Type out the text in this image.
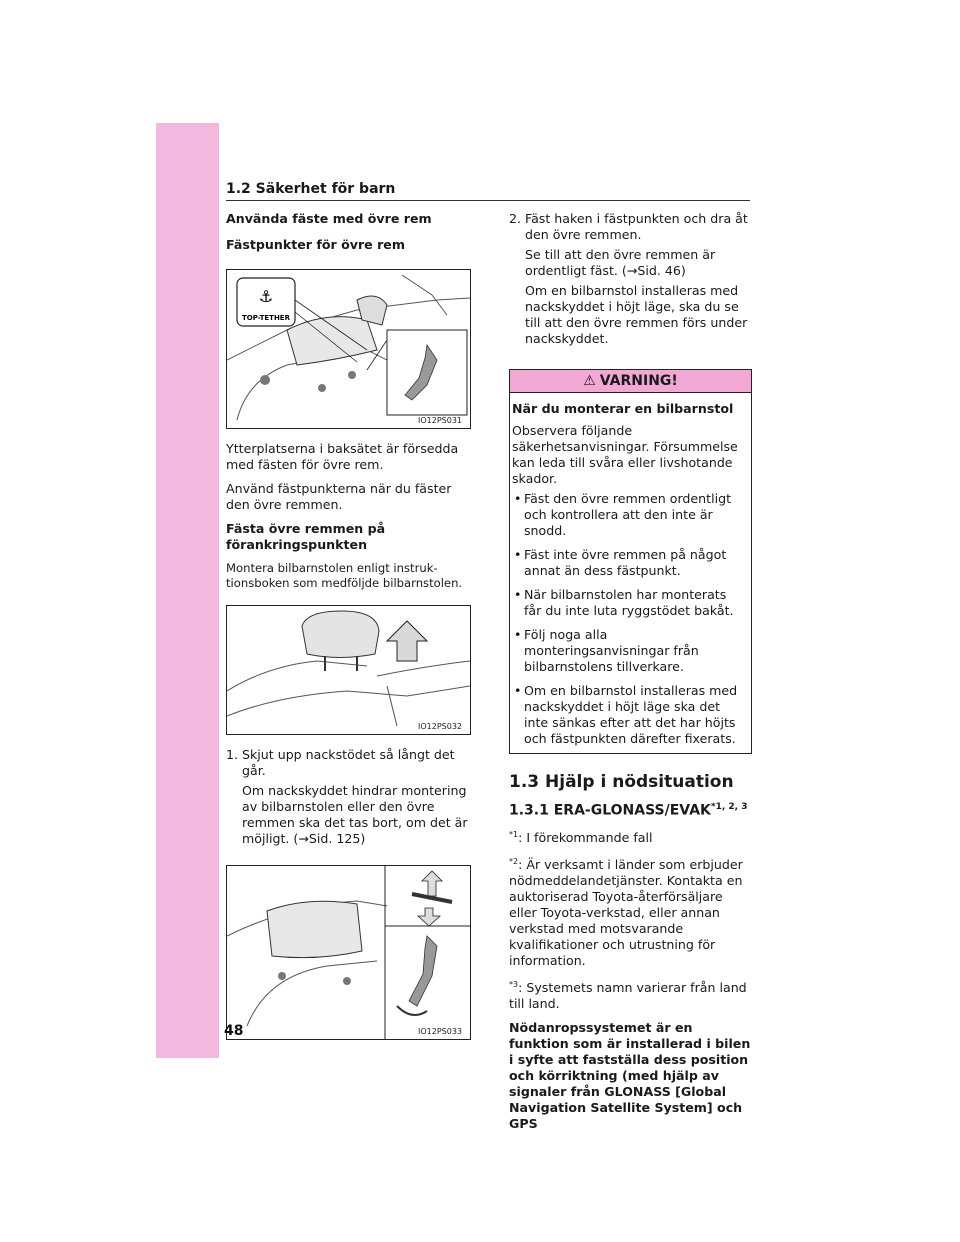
1.2 Säkerhet för barn
Använda fäste med övre rem
Fästpunkter för övre rem
⚓
TOP-TETHER
IO12PS031
Ytterplatserna i baksätet är försedda med fästen för övre rem.
Använd fästpunkterna när du fäster den övre remmen.
Fästa övre remmen på förankringspunkten
Montera bilbarnstolen enligt instruk-tionsboken som medföljde bilbarnstolen.
IO12PS032
1. Skjut upp nackstödet så långt det går.

Om nackskyddet hindrar montering av bilbarnstolen eller den övre remmen ska det tas bort, om det är möjligt. (→Sid. 125)

IO12PS033
2. Fäst haken i fästpunkten och dra åt den övre remmen.

Se till att den övre remmen är ordentligt fäst. (→Sid. 46)

Om en bilbarnstol installeras med nackskyddet i höjt läge, ska du se till att den övre remmen förs under nackskyddet.

⚠ VARNING!
När du monterar en bilbarnstol
Observera följande säkerhetsanvisningar. Försummelse kan leda till svåra eller livshotande skador.
• Fäst den övre remmen ordentligt och kontrollera att den inte är snodd.
• Fäst inte övre remmen på något annat än dess fästpunkt.
• När bilbarnstolen har monterats får du inte luta ryggstödet bakåt.
• Följ noga alla monteringsanvisningar från bilbarnstolens tillverkare.
• Om en bilbarnstol installeras med nackskyddet i höjt läge ska det inte sänkas efter att det har höjts och fästpunkten därefter fixerats.
1.3 Hjälp i nödsituation
1.3.1 ERA-GLONASS/EVAK$^{*1, 2, 3}$
$^{*1}$: I förekommande fall
$^{*2}$: Är verksamt i länder som erbjuder nödmeddelandetjänster. Kontakta en auktoriserad Toyota-återförsäljare eller Toyota-verkstad, eller annan verkstad med motsvarande kvalifikationer och utrustning för information.
$^{*3}$: Systemets namn varierar från land till land.
Nödanropssystemet är en funktion som är installerad i bilen i syfte att fastställa dess position och körriktning (med hjälp av signaler från GLONASS [Global Navigation Satellite System] och GPS
48
